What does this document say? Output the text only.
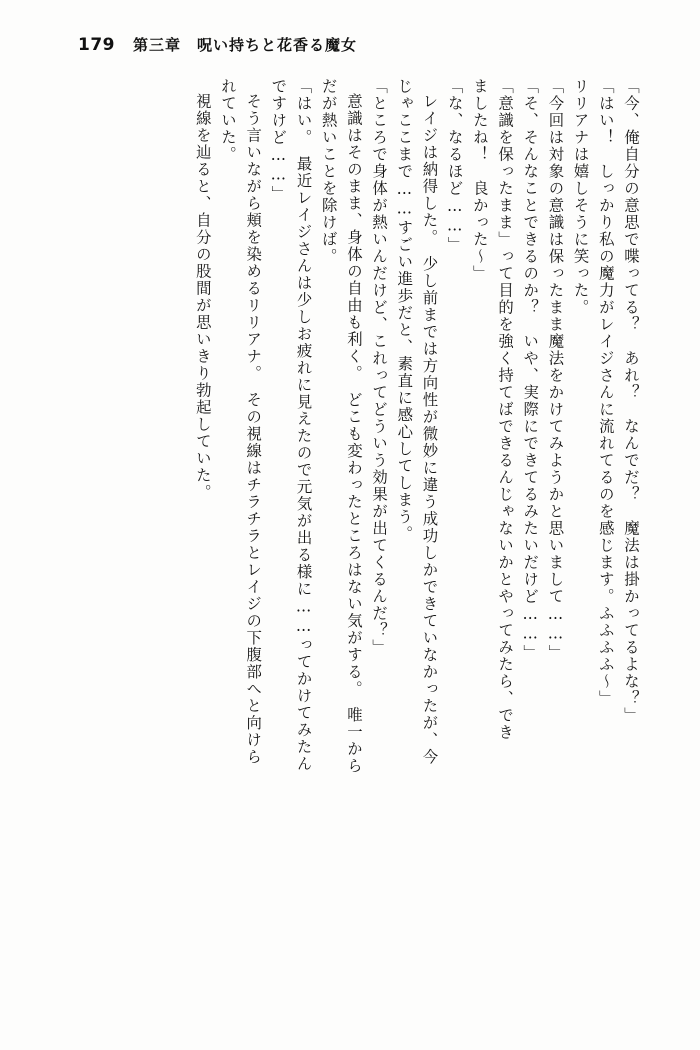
179 第三章　呪い持ちと花香る魔女
「今、俺自分の意思で喋ってる？　あれ？　なんでだ？　魔法は掛かってるよな？」
「はい！　しっかり私の魔力がレイジさんに流れてるのを感じます。ふふふふ～」
リリアナは嬉しそうに笑った。
「今回は対象の意識は保ったまま魔法をかけてみようかと思いまして……」
「そ、そんなことできるのか？　いや、実際にできてるみたいだけど……」
「意識を保ったまま」って目的を強く持てばできるんじゃないかとやってみたら、でき
ましたね！　良かった～」
「な、なるほど……」
レイジは納得した。　少し前までは方向性が微妙に違う成功しかできていなかったが、今
じゃここまで……すごい進歩だと、素直に感心してしまう。
「ところで身体が熱いんだけど、これってどういう効果が出てくるんだ？」
意識はそのまま、身体の自由も利く。　どこも変わったところはない気がする。　唯一から
だが熱いことを除けば。
「はい。　最近レイジさんは少しお疲れに見えたので元気が出る様に……ってかけてみたん
ですけど……」
そう言いながら頬を染めるリリアナ。　その視線はチラチラとレイジの下腹部へと向けら
れていた。
視線を辿ると、自分の股間が思いきり勃起していた。
